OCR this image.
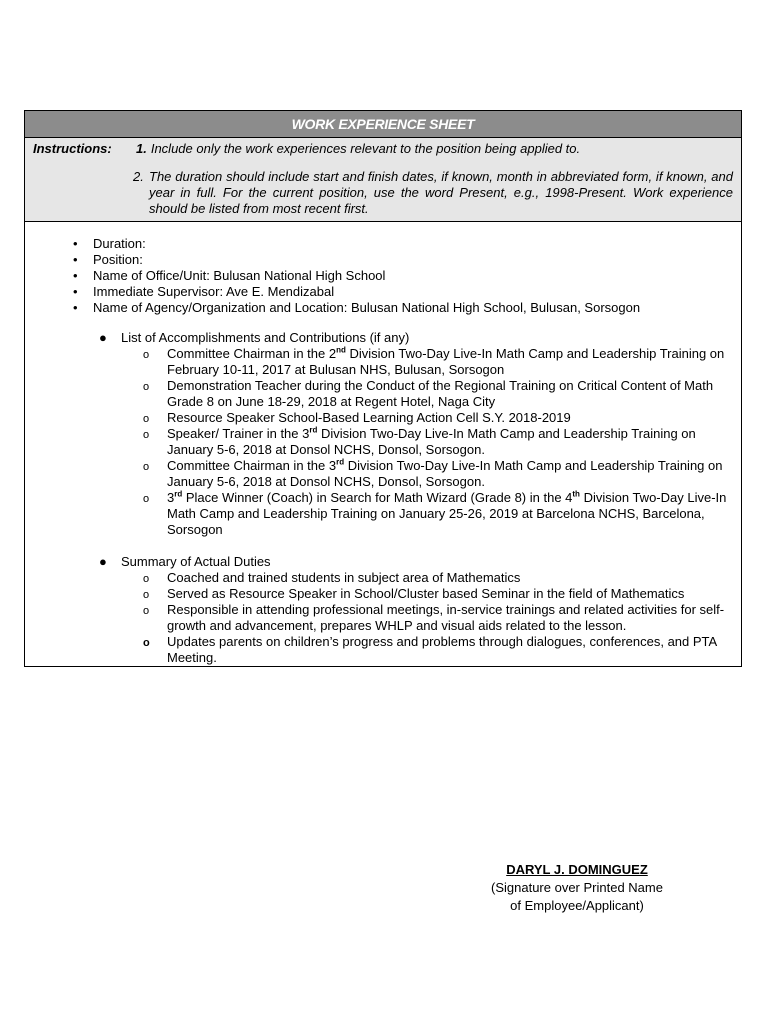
WORK EXPERIENCE SHEET
Instructions:	1. Include only the work experiences relevant to the position being applied to.
2. The duration should include start and finish dates, if known, month in abbreviated form, if known, and year in full. For the current position, use the word Present, e.g., 1998-Present. Work experience should be listed from most recent first.
• Duration:
• Position:
• Name of Office/Unit: Bulusan National High School
• Immediate Supervisor: Ave E. Mendizabal
• Name of Agency/Organization and Location: Bulusan National High School, Bulusan, Sorsogon
● List of Accomplishments and Contributions (if any)
o Committee Chairman in the 2nd Division Two-Day Live-In Math Camp and Leadership Training on February 10-11, 2017 at Bulusan NHS, Bulusan, Sorsogon
o Demonstration Teacher during the Conduct of the Regional Training on Critical Content of Math Grade 8 on June 18-29, 2018 at Regent Hotel, Naga City
o Resource Speaker School-Based Learning Action Cell S.Y. 2018-2019
o Speaker/ Trainer in the 3rd Division Two-Day Live-In Math Camp and Leadership Training on January 5-6, 2018 at Donsol NCHS, Donsol, Sorsogon.
o Committee Chairman in the 3rd Division Two-Day Live-In Math Camp and Leadership Training on January 5-6, 2018 at Donsol NCHS, Donsol, Sorsogon.
o 3rd Place Winner (Coach) in Search for Math Wizard (Grade 8) in the 4th Division Two-Day Live-In Math Camp and Leadership Training on January 25-26, 2019 at Barcelona NCHS, Barcelona, Sorsogon
● Summary of Actual Duties
o Coached and trained students in subject area of Mathematics
o Served as Resource Speaker in School/Cluster based Seminar in the field of Mathematics
o Responsible in attending professional meetings, in-service trainings and related activities for self-growth and advancement, prepares WHLP and visual aids related to the lesson.
o Updates parents on children’s progress and problems through dialogues, conferences, and PTA Meeting.
DARYL J. DOMINGUEZ
(Signature over Printed Name
of Employee/Applicant)
